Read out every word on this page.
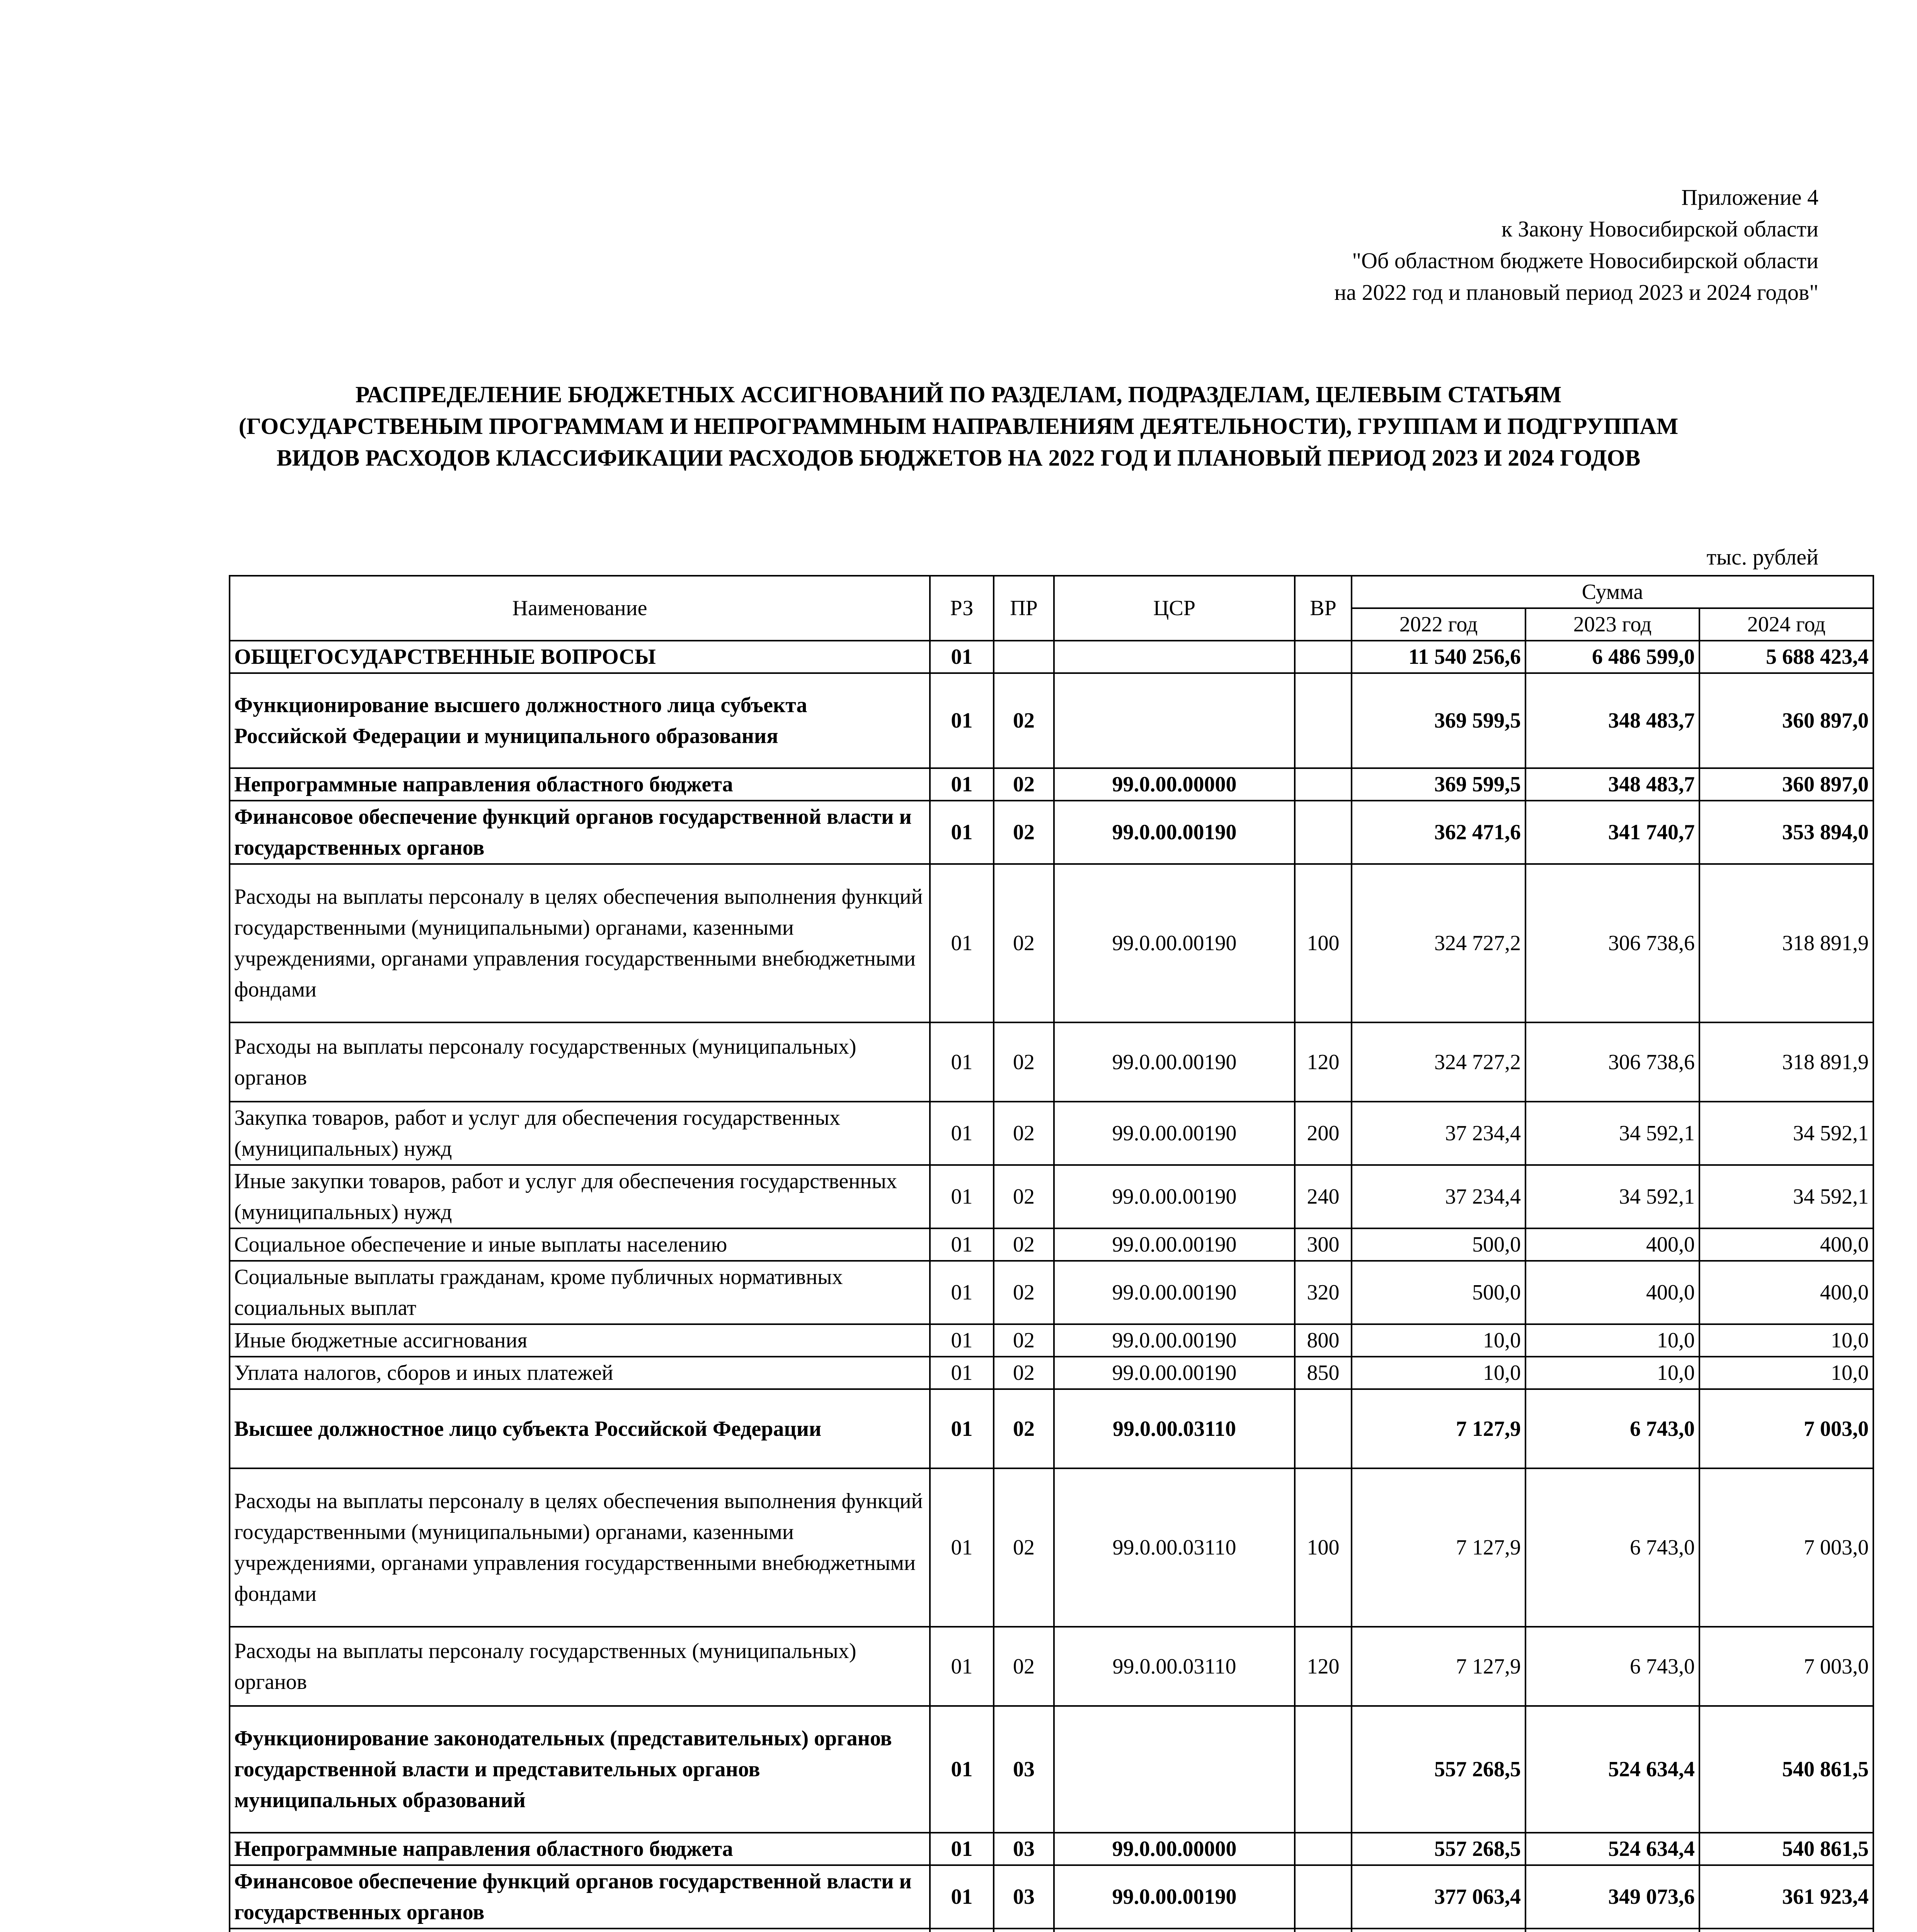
Приложение 4
к Закону Новосибирской области
"Об областном бюджете Новосибирской области
на 2022 год и плановый период 2023 и 2024 годов"
РАСПРЕДЕЛЕНИЕ БЮДЖЕТНЫХ АССИГНОВАНИЙ ПО РАЗДЕЛАМ, ПОДРАЗДЕЛАМ, ЦЕЛЕВЫМ СТАТЬЯМ
(ГОСУДАРСТВЕНЫМ ПРОГРАММАМ И НЕПРОГРАММНЫМ НАПРАВЛЕНИЯМ ДЕЯТЕЛЬНОСТИ), ГРУППАМ И ПОДГРУППАМ
ВИДОВ РАСХОДОВ КЛАССИФИКАЦИИ РАСХОДОВ БЮДЖЕТОВ НА 2022 ГОД И ПЛАНОВЫЙ ПЕРИОД 2023 И 2024 ГОДОВ
тыс. рублей
Наименование	РЗ	ПР	ЦСР	ВР	Сумма		
					2022 год	2023 год	2024 год
ОБЩЕГОСУДАРСТВЕННЫЕ ВОПРОСЫ	01				11 540 256,6	6 486 599,0	5 688 423,4
Функционирование высшего должностного лица субъекта Российской Федерации и муниципального образования	01	02			369 599,5	348 483,7	360 897,0
Непрограммные направления областного бюджета	01	02	99.0.00.00000		369 599,5	348 483,7	360 897,0
Финансовое обеспечение функций органов государственной власти и государственных органов	01	02	99.0.00.00190		362 471,6	341 740,7	353 894,0
Расходы на выплаты персоналу в целях обеспечения выполнения функций государственными (муниципальными) органами, казенными учреждениями, органами управления государственными внебюджетными фондами	01	02	99.0.00.00190	100	324 727,2	306 738,6	318 891,9
Расходы на выплаты персоналу государственных (муниципальных) органов	01	02	99.0.00.00190	120	324 727,2	306 738,6	318 891,9
Закупка товаров, работ и услуг для обеспечения государственных (муниципальных) нужд	01	02	99.0.00.00190	200	37 234,4	34 592,1	34 592,1
Иные закупки товаров, работ и услуг для обеспечения государственных (муниципальных) нужд	01	02	99.0.00.00190	240	37 234,4	34 592,1	34 592,1
Социальное обеспечение и иные выплаты населению	01	02	99.0.00.00190	300	500,0	400,0	400,0
Социальные выплаты гражданам, кроме публичных нормативных социальных выплат	01	02	99.0.00.00190	320	500,0	400,0	400,0
Иные бюджетные ассигнования	01	02	99.0.00.00190	800	10,0	10,0	10,0
Уплата налогов, сборов и иных платежей	01	02	99.0.00.00190	850	10,0	10,0	10,0
Высшее должностное лицо субъекта Российской Федерации	01	02	99.0.00.03110		7 127,9	6 743,0	7 003,0
Расходы на выплаты персоналу в целях обеспечения выполнения функций государственными (муниципальными) органами, казенными учреждениями, органами управления государственными внебюджетными фондами	01	02	99.0.00.03110	100	7 127,9	6 743,0	7 003,0
Расходы на выплаты персоналу государственных (муниципальных) органов	01	02	99.0.00.03110	120	7 127,9	6 743,0	7 003,0
Функционирование законодательных (представительных) органов государственной власти и представительных органов муниципальных образований	01	03			557 268,5	524 634,4	540 861,5
Непрограммные направления областного бюджета	01	03	99.0.00.00000		557 268,5	524 634,4	540 861,5
Финансовое обеспечение функций органов государственной власти и государственных органов	01	03	99.0.00.00190		377 063,4	349 073,6	361 923,4
